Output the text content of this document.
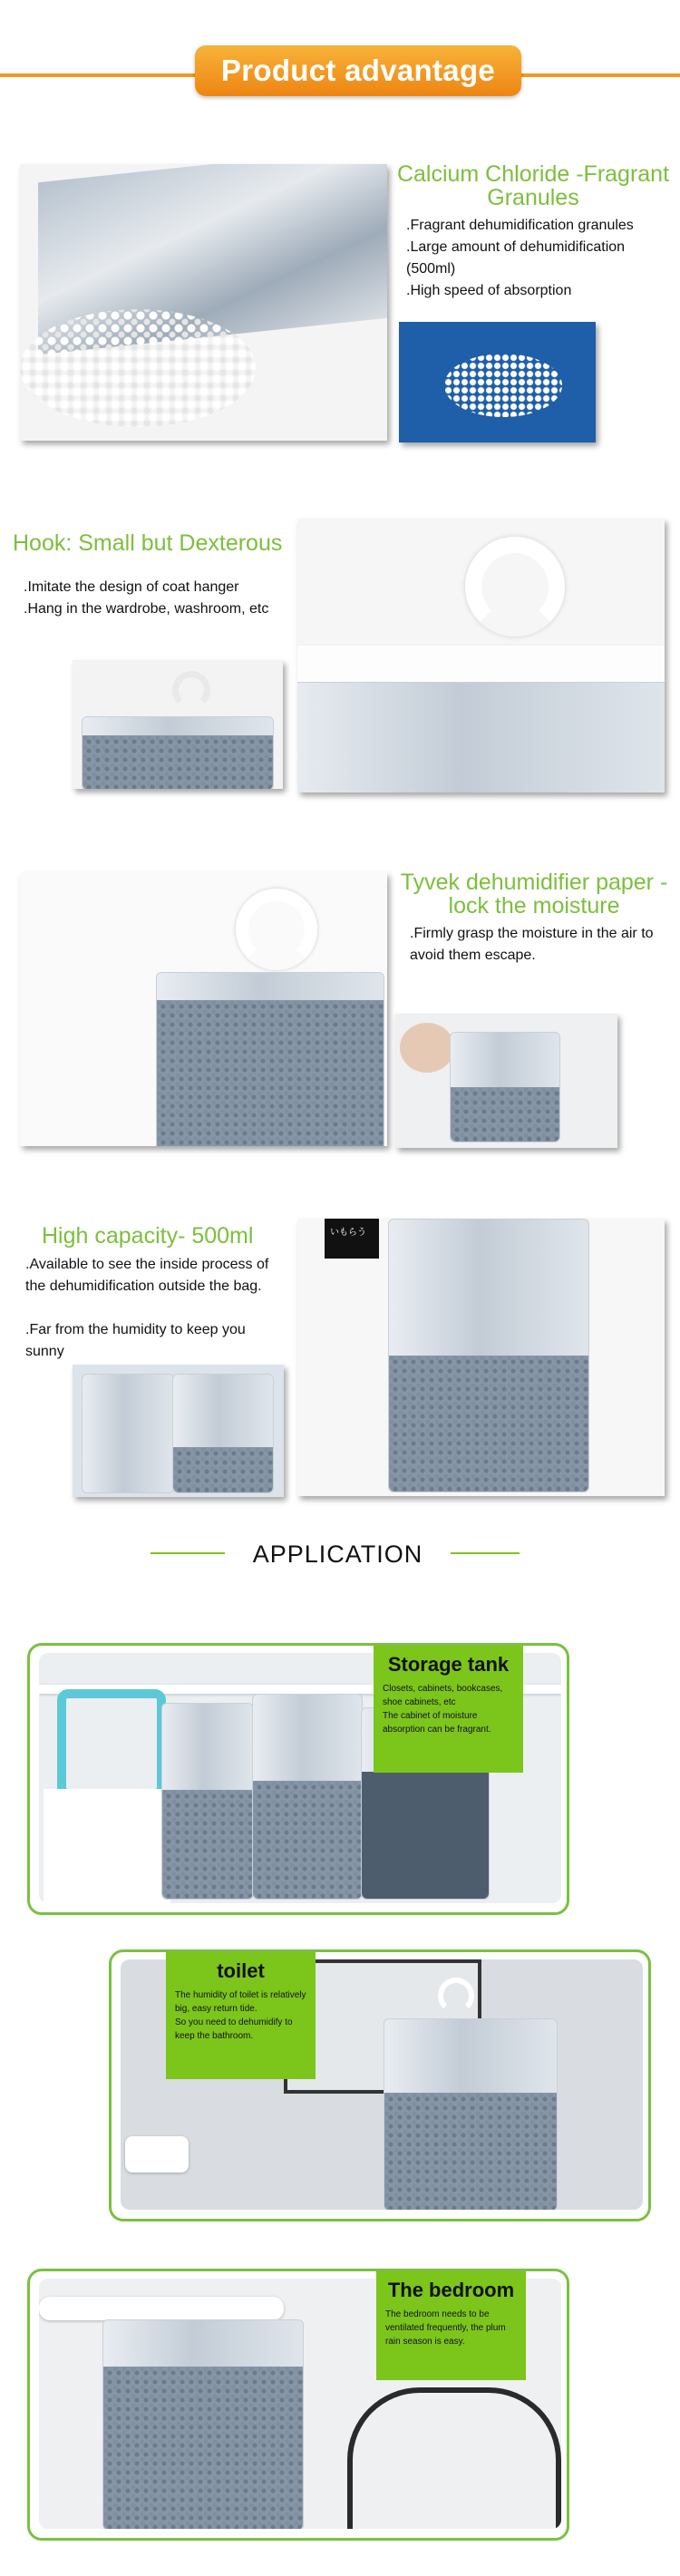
Product advantage
Calcium Chloride -Fragrant Granules
.Fragrant dehumidification granules
.Large amount of dehumidification (500ml)
.High speed of absorption
Hook: Small but Dexterous
.Imitate the design of coat hanger
.Hang in the wardrobe, washroom, etc
Tyvek dehumidifier paper - lock the moisture
.Firmly grasp the moisture in the air to avoid them escape.
High capacity- 500ml
.Available to see the inside process of the dehumidification outside the bag.
.Far from the humidity to keep you sunny
いもらう
APPLICATION
Storage tank
Closets, cabinets, bookcases, shoe cabinets, etc
The cabinet of moisture absorption can be fragrant.
toilet
The humidity of toilet is relatively big, easy return tide.
So you need to dehumidify to keep the bathroom.
The bedroom
The bedroom needs to be ventilated frequently, the plum rain season is easy.
